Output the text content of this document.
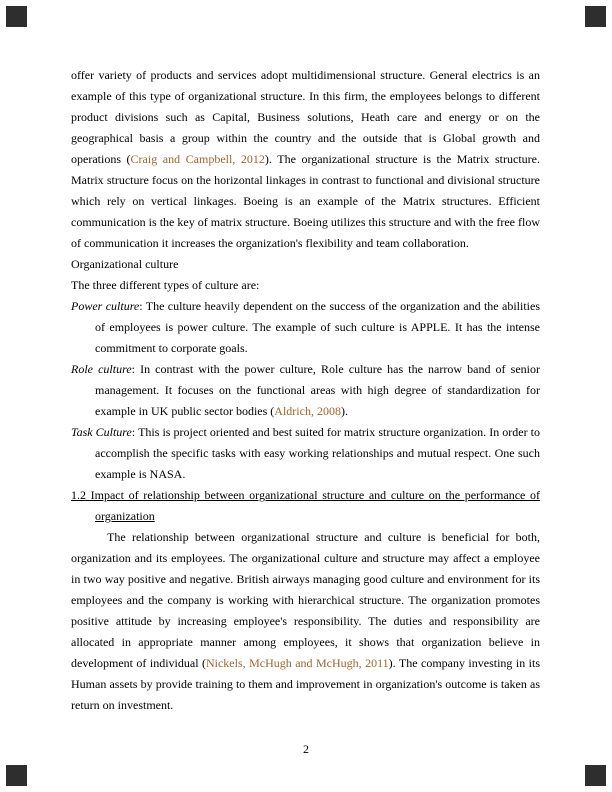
offer variety of products and services adopt multidimensional structure. General electrics is an example of this type of organizational structure. In this firm, the employees belongs to different product divisions such as Capital, Business solutions, Heath care and energy or on the geographical basis a group within the country and the outside that is Global growth and operations (Craig and Campbell, 2012). The organizational structure is the Matrix structure. Matrix structure focus on the horizontal linkages in contrast to functional and divisional structure which rely on vertical linkages. Boeing is an example of the Matrix structures. Efficient communication is the key of matrix structure. Boeing utilizes this structure and with the free flow of communication it increases the organization's flexibility and team collaboration.

Organizational culture

The three different types of culture are:

Power culture: The culture heavily dependent on the success of the organization and the abilities of employees is power culture. The example of such culture is APPLE. It has the intense commitment to corporate goals.

Role culture: In contrast with the power culture, Role culture has the narrow band of senior management. It focuses on the functional areas with high degree of standardization for example in UK public sector bodies (Aldrich, 2008).

Task Culture: This is project oriented and best suited for matrix structure organization. In order to accomplish the specific tasks with easy working relationships and mutual respect. One such example is NASA.

1.2 Impact of relationship between organizational structure and culture on the performance of organization

The relationship between organizational structure and culture is beneficial for both, organization and its employees. The organizational culture and structure may affect a employee in two way positive and negative. British airways managing good culture and environment for its employees and the company is working with hierarchical structure. The organization promotes positive attitude by increasing employee's responsibility. The duties and responsibility are allocated in appropriate manner among employees, it shows that organization believe in development of individual (Nickels, McHugh and McHugh, 2011). The company investing in its Human assets by provide training to them and improvement in organization's outcome is taken as return on investment.

2
